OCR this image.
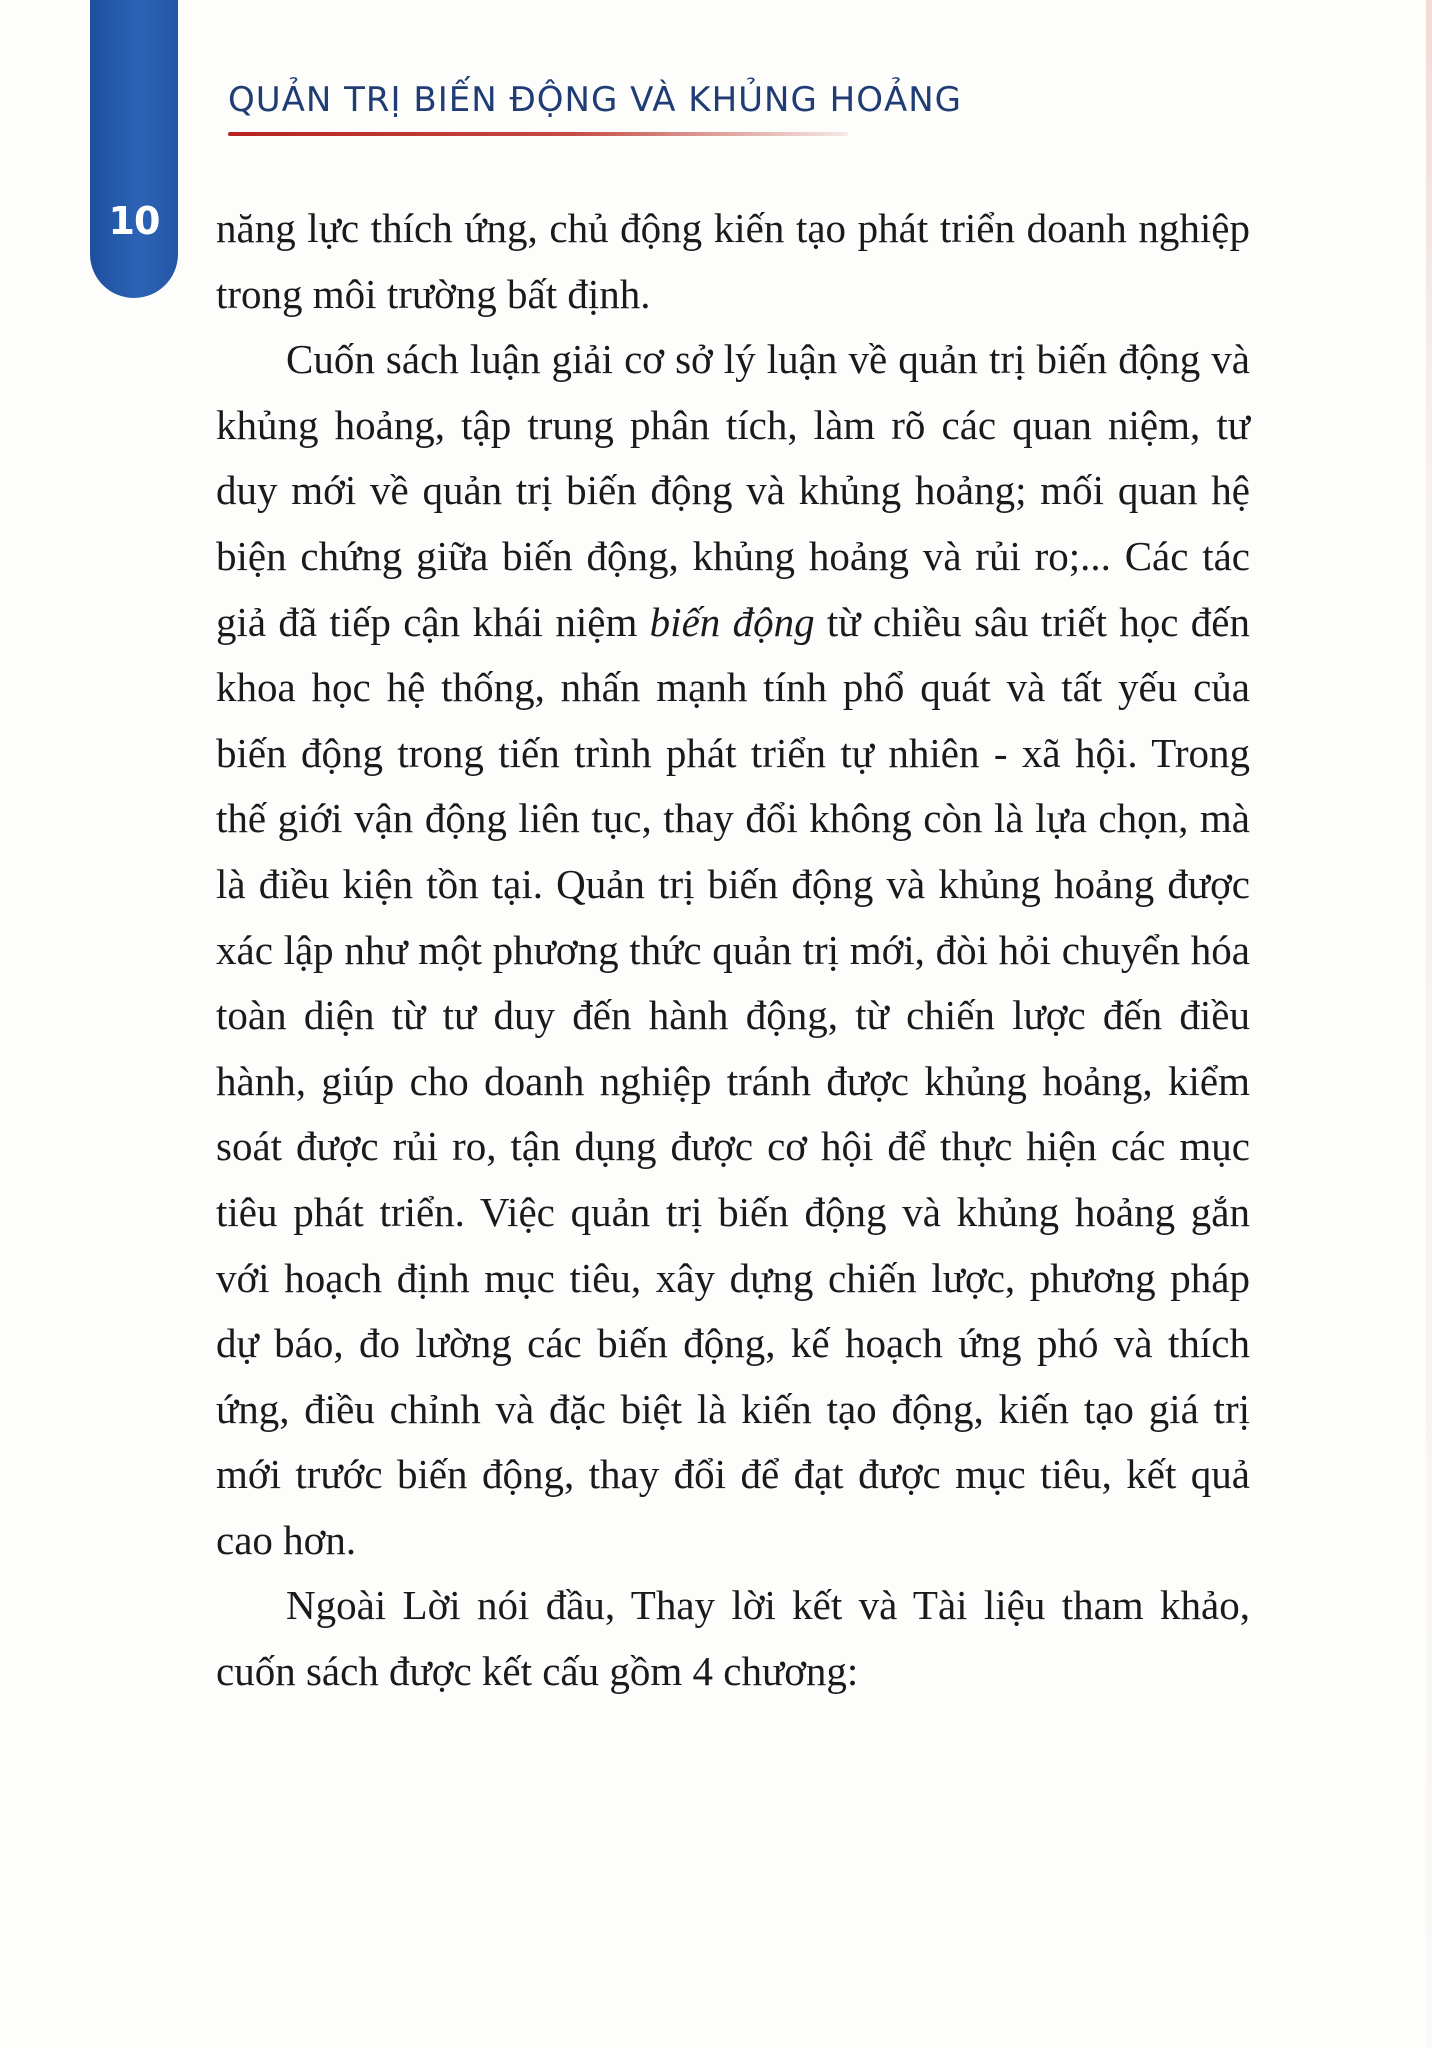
10
QUẢN TRỊ BIẾN ĐỘNG VÀ KHỦNG HOẢNG

năng lực thích ứng, chủ động kiến tạo phát triển doanh nghiệp trong môi trường bất định.

Cuốn sách luận giải cơ sở lý luận về quản trị biến động và khủng hoảng, tập trung phân tích, làm rõ các quan niệm, tư duy mới về quản trị biến động và khủng hoảng; mối quan hệ biện chứng giữa biến động, khủng hoảng và rủi ro;... Các tác giả đã tiếp cận khái niệm biến động từ chiều sâu triết học đến khoa học hệ thống, nhấn mạnh tính phổ quát và tất yếu của biến động trong tiến trình phát triển tự nhiên - xã hội. Trong thế giới vận động liên tục, thay đổi không còn là lựa chọn, mà là điều kiện tồn tại. Quản trị biến động và khủng hoảng được xác lập như một phương thức quản trị mới, đòi hỏi chuyển hóa toàn diện từ tư duy đến hành động, từ chiến lược đến điều hành, giúp cho doanh nghiệp tránh được khủng hoảng, kiểm soát được rủi ro, tận dụng được cơ hội để thực hiện các mục tiêu phát triển. Việc quản trị biến động và khủng hoảng gắn với hoạch định mục tiêu, xây dựng chiến lược, phương pháp dự báo, đo lường các biến động, kế hoạch ứng phó và thích ứng, điều chỉnh và đặc biệt là kiến tạo động, kiến tạo giá trị mới trước biến động, thay đổi để đạt được mục tiêu, kết quả cao hơn.

Ngoài Lời nói đầu, Thay lời kết và Tài liệu tham khảo, cuốn sách được kết cấu gồm 4 chương:
